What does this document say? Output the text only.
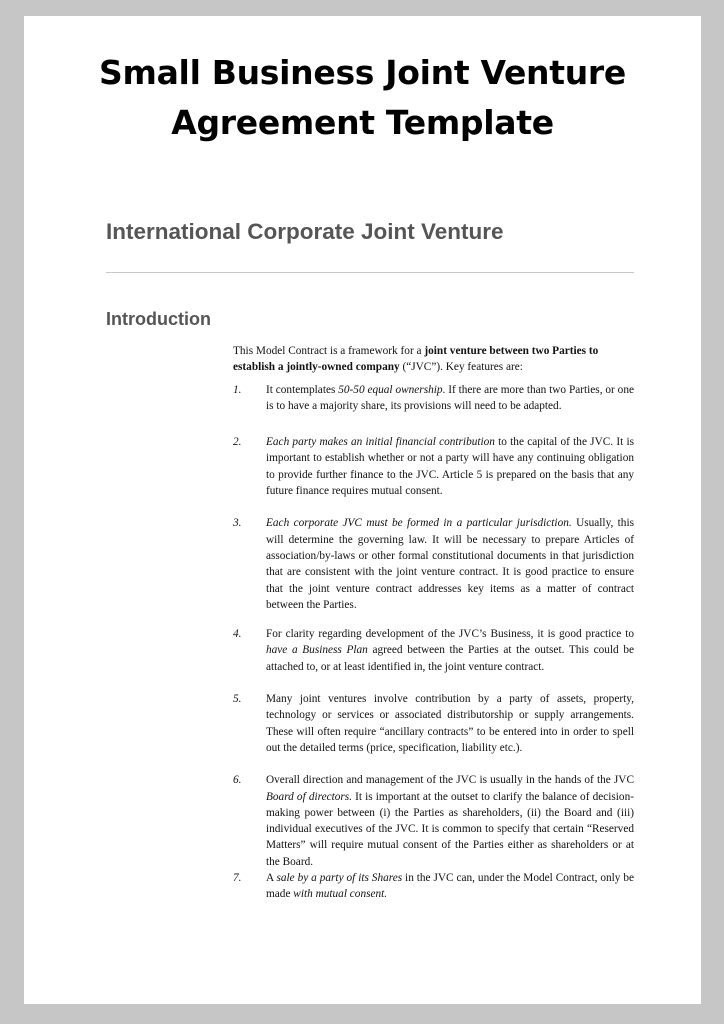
Small Business Joint Venture
Agreement Template
International Corporate Joint Venture
Introduction

This Model Contract is a framework for a joint venture between two Parties to establish a jointly-owned company (“JVC”). Key features are:

1.	It contemplates 50-50 equal ownership. If there are more than two Parties, or one is to have a majority share, its provisions will need to be adapted.
2.	Each party makes an initial financial contribution to the capital of the JVC. It is important to establish whether or not a party will have any continuing obligation to provide further finance to the JVC. Article 5 is prepared on the basis that any future finance requires mutual consent.
3.	Each corporate JVC must be formed in a particular jurisdiction. Usually, this will determine the governing law. It will be necessary to prepare Articles of association/by-laws or other formal constitutional documents in that jurisdiction that are consistent with the joint venture contract. It is good practice to ensure that the joint venture contract addresses key items as a matter of contract between the Parties.
4.	For clarity regarding development of the JVC’s Business, it is good practice to have a Business Plan agreed between the Parties at the outset. This could be attached to, or at least identified in, the joint venture contract.
5.	Many joint ventures involve contribution by a party of assets, property, technology or services or associated distributorship or supply arrangements. These will often require “ancillary contracts” to be entered into in order to spell out the detailed terms (price, specification, liability etc.).
6.	Overall direction and management of the JVC is usually in the hands of the JVC Board of directors. It is important at the outset to clarify the balance of decision-making power between (i) the Parties as shareholders, (ii) the Board and (iii) individual executives of the JVC. It is common to specify that certain “Reserved Matters” will require mutual consent of the Parties either as shareholders or at the Board.
7.	A sale by a party of its Shares in the JVC can, under the Model Contract, only be made with mutual consent.
